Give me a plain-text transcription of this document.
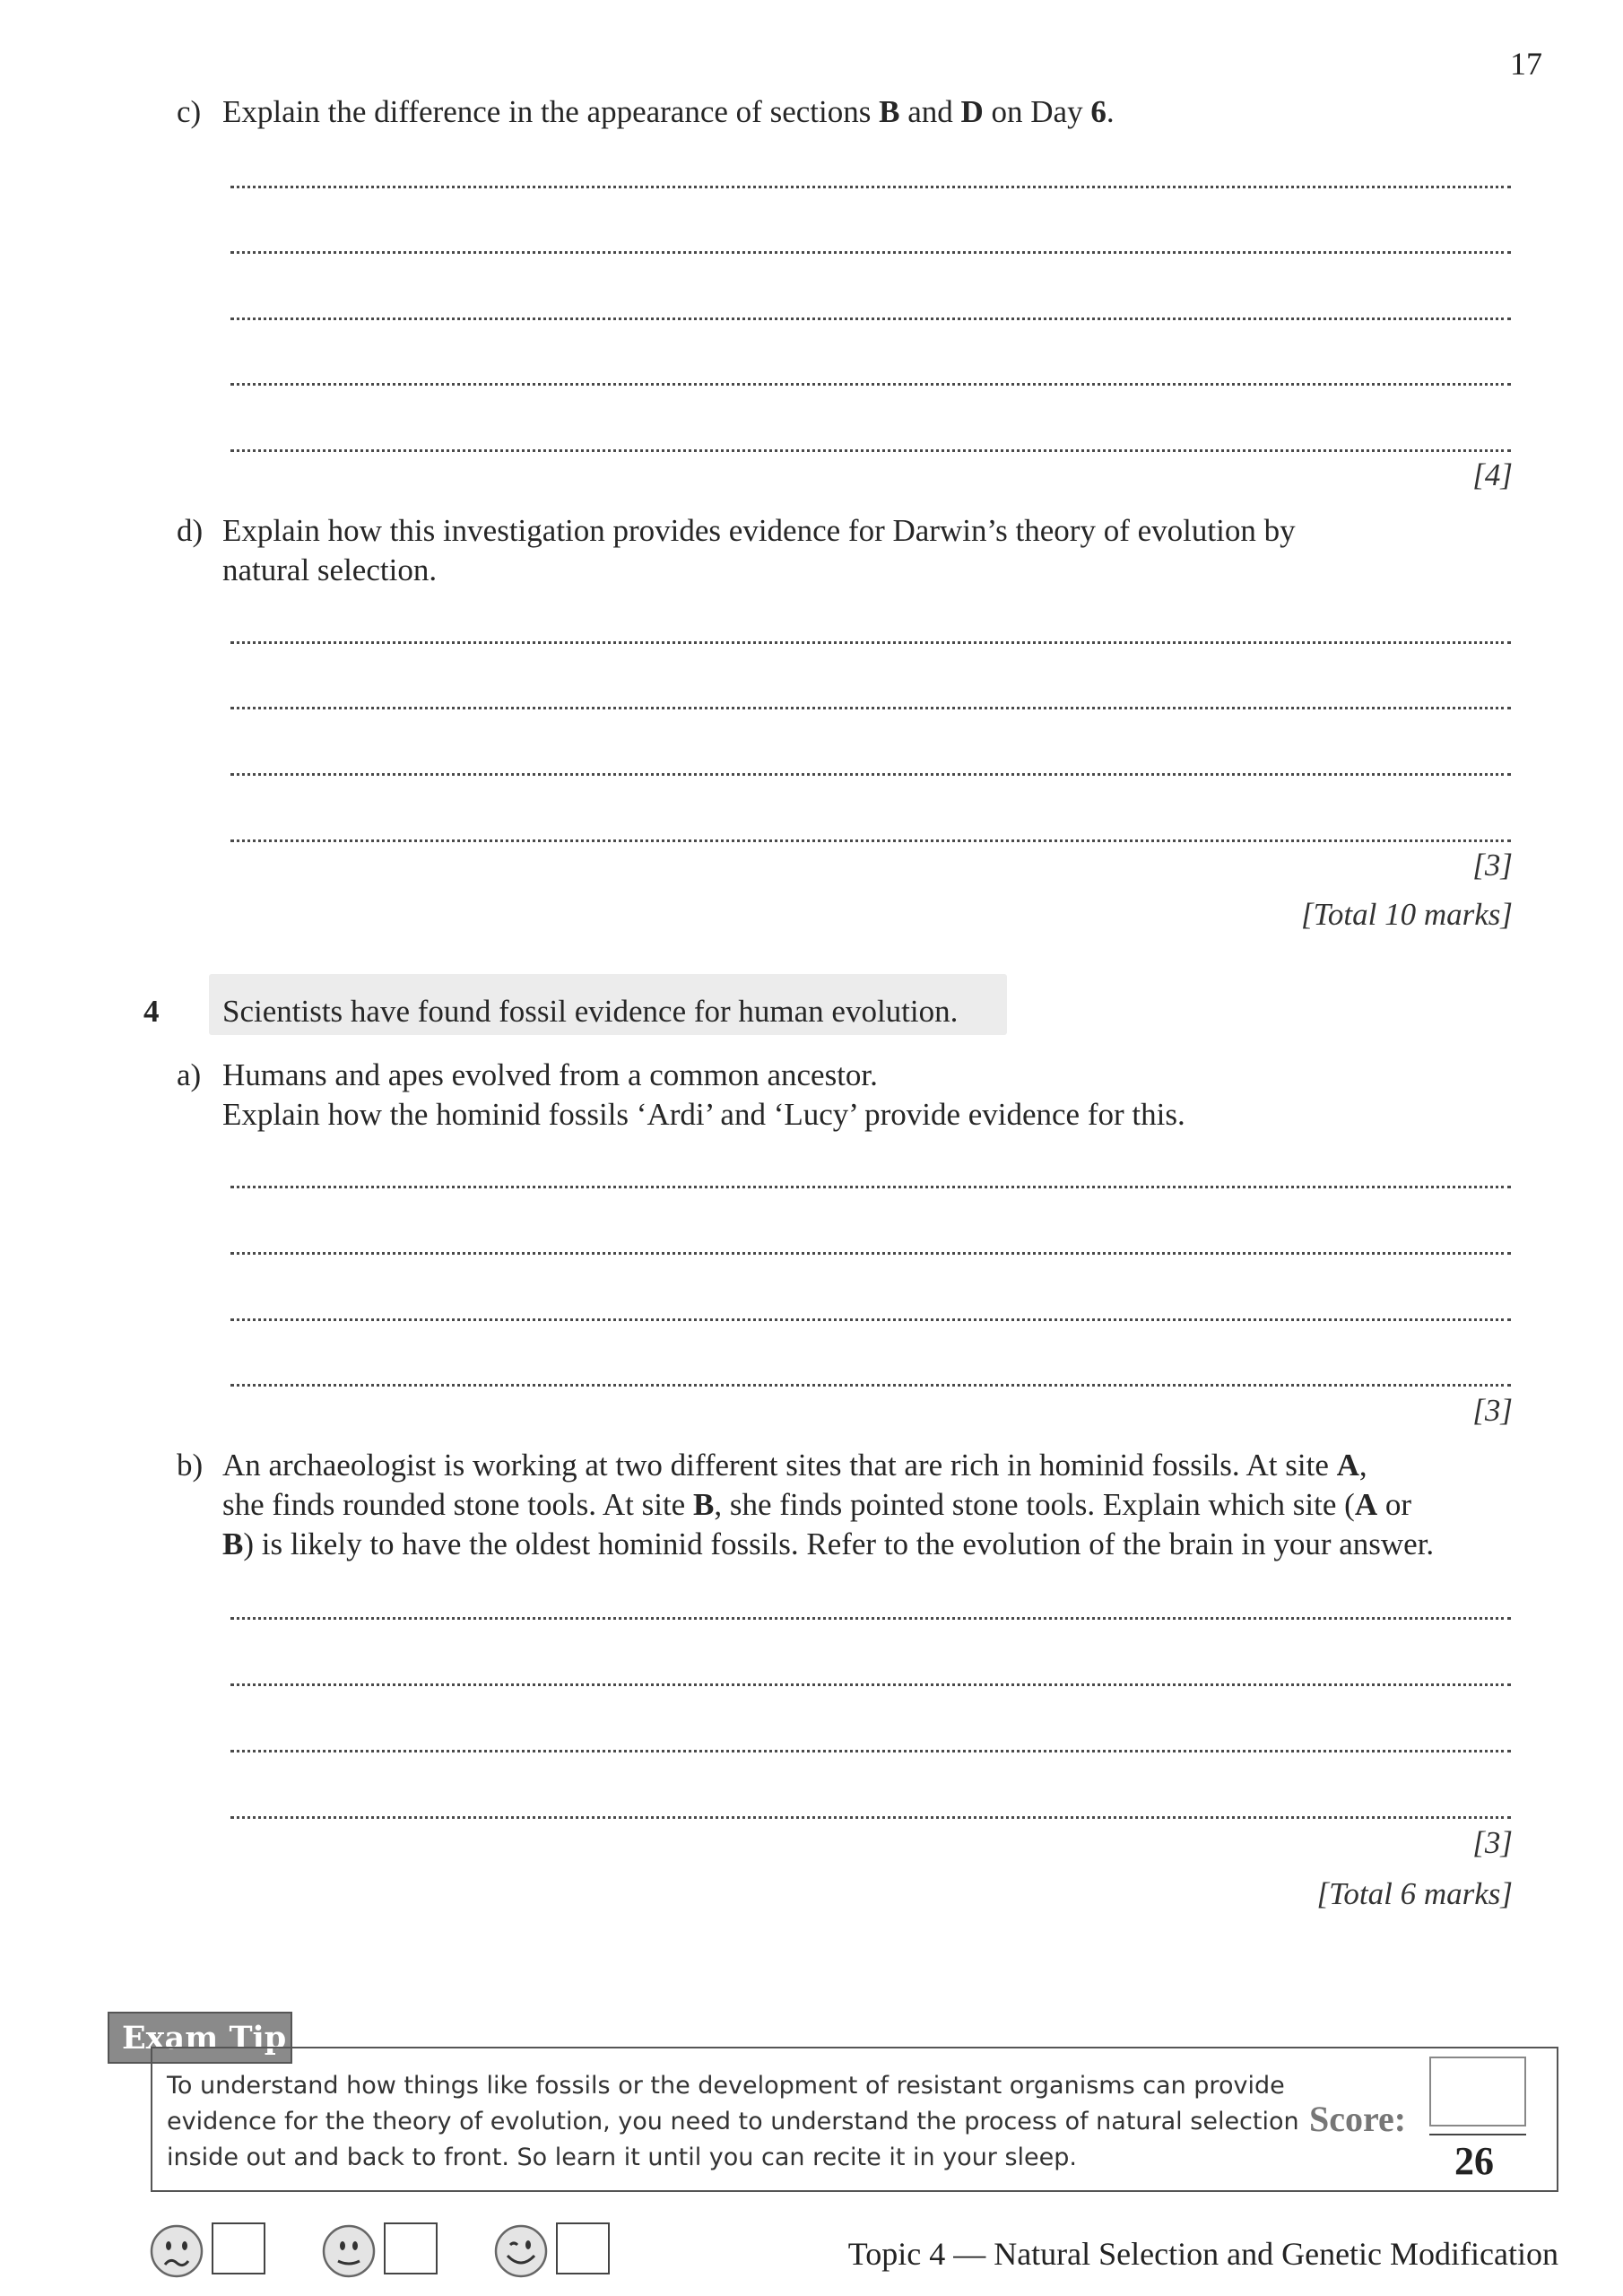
17
c) Explain the difference in the appearance of sections B and D on Day 6.
[4]
d) Explain how this investigation provides evidence for Darwin’s theory of evolution by
natural selection.
[3]
[Total 10 marks]
4 Scientists have found fossil evidence for human evolution.
a) Humans and apes evolved from a common ancestor.
Explain how the hominid fossils ‘Ardi’ and ‘Lucy’ provide evidence for this.
[3]
b) An archaeologist is working at two different sites that are rich in hominid fossils. At site A,
she finds rounded stone tools. At site B, she finds pointed stone tools. Explain which site (A or
B) is likely to have the oldest hominid fossils. Refer to the evolution of the brain in your answer.
[3]
[Total 6 marks]
Exam Tip
To understand how things like fossils or the development of resistant organisms can provide
evidence for the theory of evolution, you need to understand the process of natural selection
inside out and back to front. So learn it until you can recite it in your sleep.
Score:
26
Topic 4 — Natural Selection and Genetic Modification
